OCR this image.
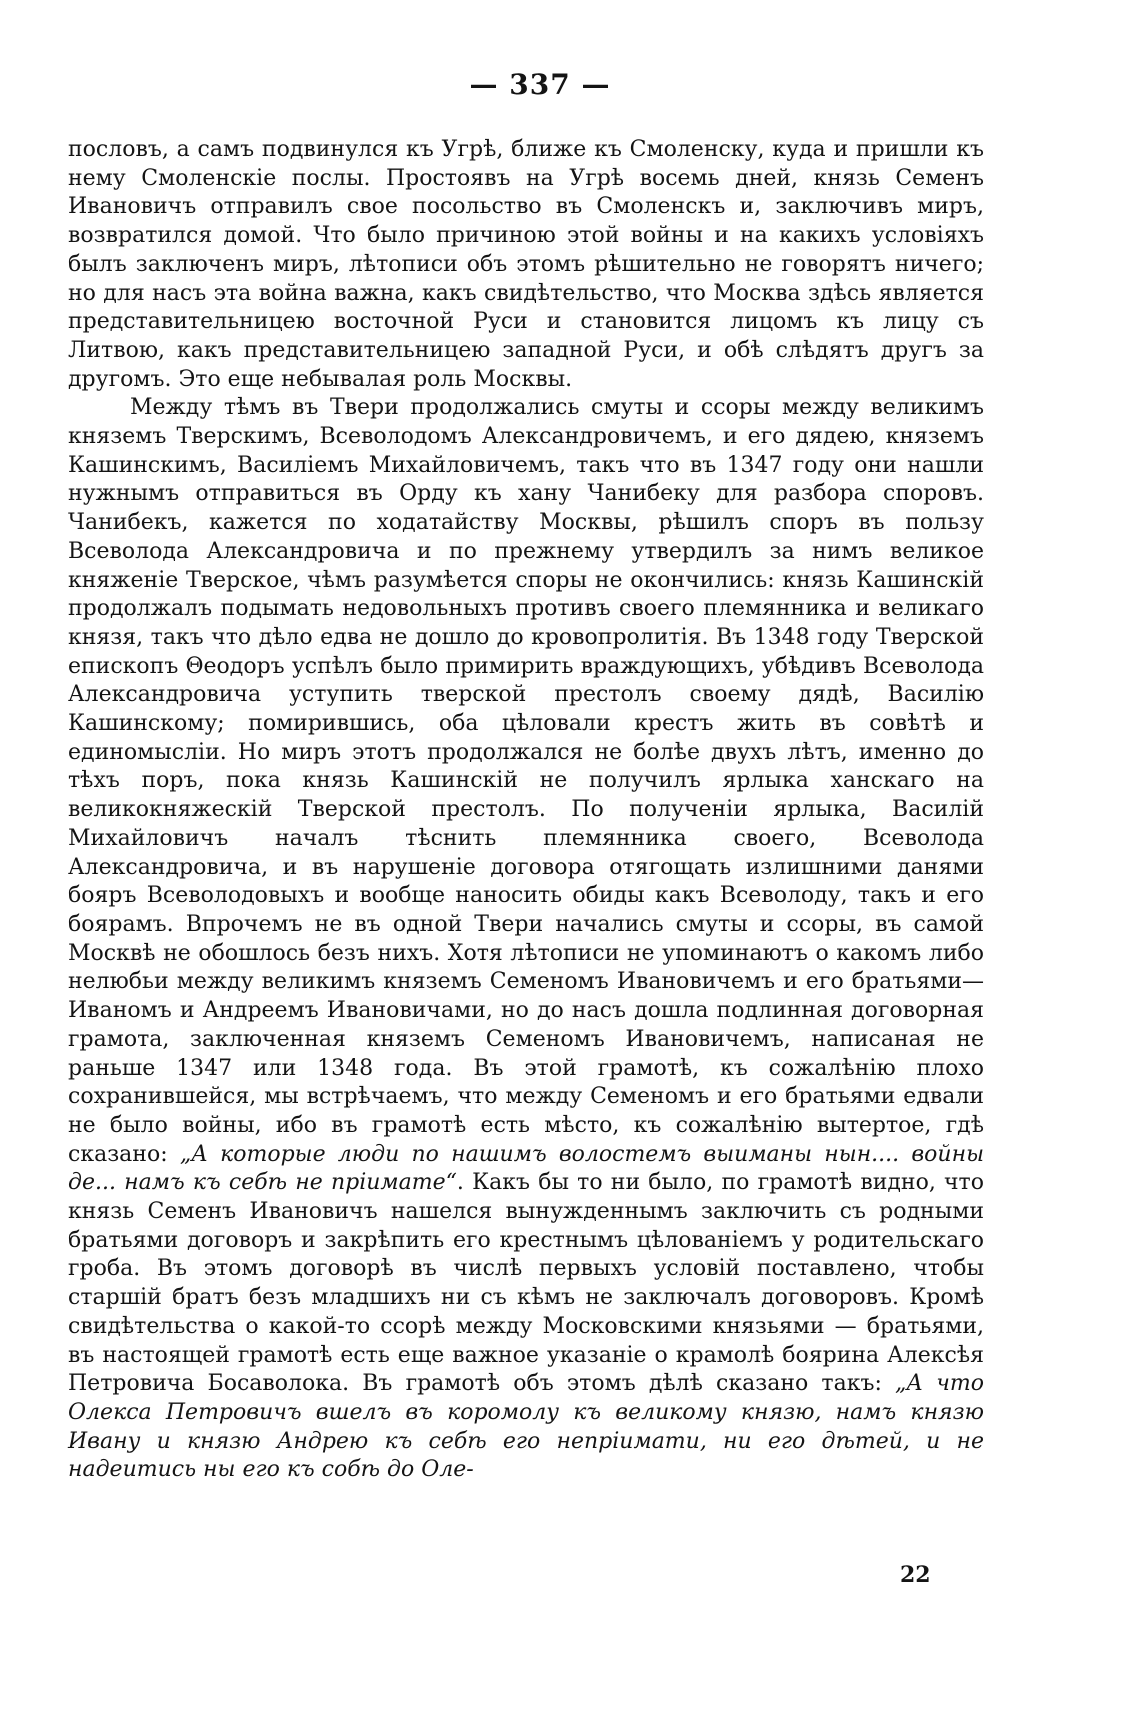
— 337 —

пословъ, а самъ подвинулся къ Угрѣ, ближе къ Смоленску, куда и пришли къ нему Смоленскіе послы. Простоявъ на Угрѣ восемь дней, князь Семенъ Ивановичъ отправилъ свое посольство въ Смоленскъ и, заключивъ миръ, возвратился домой. Что было причиною этой войны и на какихъ условіяхъ былъ заключенъ миръ, лѣтописи объ этомъ рѣшительно не говорятъ ничего; но для насъ эта война важна, какъ свидѣтельство, что Москва здѣсь является представительницею восточной Руси и становится лицомъ къ лицу съ Литвою, какъ представительницею западной Руси, и обѣ слѣдятъ другъ за другомъ. Это еще небывалая роль Москвы.

Между тѣмъ въ Твери продолжались смуты и ссоры между великимъ княземъ Тверскимъ, Всеволодомъ Александровичемъ, и его дядею, княземъ Кашинскимъ, Василіемъ Михайловичемъ, такъ что въ 1347 году они нашли нужнымъ отправиться въ Орду къ хану Чанибеку для разбора споровъ. Чанибекъ, кажется по ходатайству Москвы, рѣшилъ споръ въ пользу Всеволода Александровича и по прежнему утвердилъ за нимъ великое княженіе Тверское, чѣмъ разумѣется споры не окончились: князь Кашинскій продолжалъ подымать недовольныхъ противъ своего племянника и великаго князя, такъ что дѣло едва не дошло до кровопролитія. Въ 1348 году Тверской епископъ Θеодоръ успѣлъ было примирить враждующихъ, убѣдивъ Всеволода Александровича уступить тверской престолъ своему дядѣ, Василію Кашинскому; помирившись, оба цѣловали крестъ жить въ совѣтѣ и единомысліи. Но миръ этотъ продолжался не болѣе двухъ лѣтъ, именно до тѣхъ поръ, пока князь Кашинскій не получилъ ярлыка ханскаго на великокняжескій Тверской престолъ. По полученіи ярлыка, Василій Михайловичъ началъ тѣснить племянника своего, Всеволода Александровича, и въ нарушеніе договора отягощать излишними данями бояръ Всеволодовыхъ и вообще наносить обиды какъ Всеволоду, такъ и его боярамъ. Впрочемъ не въ одной Твери начались смуты и ссоры, въ самой Москвѣ не обошлось безъ нихъ. Хотя лѣтописи не упоминаютъ о какомъ либо нелюбьи между великимъ княземъ Семеномъ Ивановичемъ и его братьями—Иваномъ и Андреемъ Ивановичами, но до насъ дошла подлинная договорная грамота, заключенная княземъ Семеномъ Ивановичемъ, написаная не раньше 1347 или 1348 года. Въ этой грамотѣ, къ сожалѣнію плохо сохранившейся, мы встрѣчаемъ, что между Семеномъ и его братьями едвали не было войны, ибо въ грамотѣ есть мѣсто, къ сожалѣнію вытертое, гдѣ сказано: „А которые люди по нашимъ волостемъ выиманы нын.... войны де... намъ къ себѣ не пріимате“. Какъ бы то ни было, по грамотѣ видно, что князь Семенъ Ивановичъ нашелся вынужденнымъ заключить съ родными братьями договоръ и закрѣпить его крестнымъ цѣлованіемъ у родительскаго гроба. Въ этомъ договорѣ въ числѣ первыхъ условій поставлено, чтобы старшій братъ безъ младшихъ ни съ кѣмъ не заключалъ договоровъ. Кромѣ свидѣтельства о какой-то ссорѣ между Московскими князьями — братьями, въ настоящей грамотѣ есть еще важное указаніе о крамолѣ боярина Алексѣя Петровича Босаволока. Въ грамотѣ объ этомъ дѣлѣ сказано такъ: „А что Олекса Петровичъ вшелъ въ коромолу къ великому князю, намъ князю Ивану и князю Андрею къ себѣ его непріимати, ни его дѣтей, и не надеитись ны его къ собѣ до Оле-

22
